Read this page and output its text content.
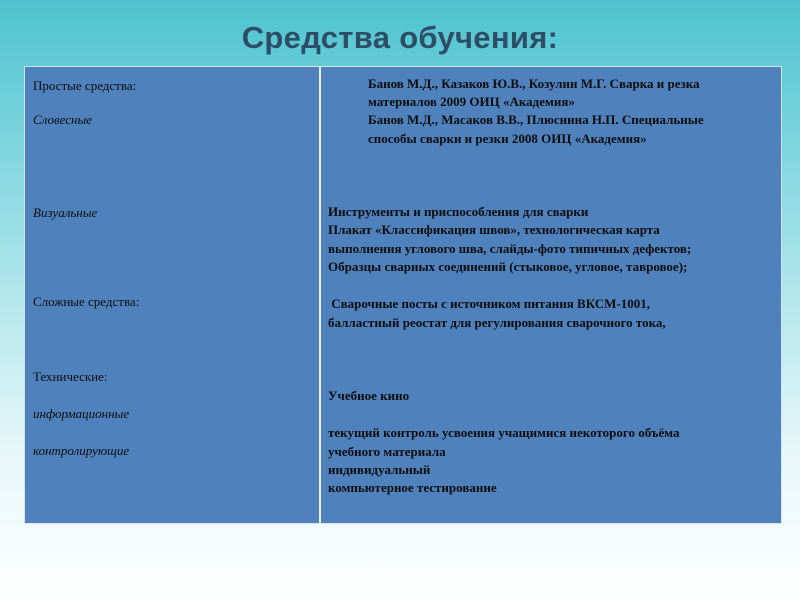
Средства обучения:
Простые средства:
Словесные
Визуальные
Сложные средства:
Технические:
информационные
контролирующие
Банов М.Д., Казаков Ю.В., Козулин М.Г. Сварка и резка
материалов 2009 ОИЦ «Академия»
Банов М.Д., Масаков В.В., Плюснина Н.П. Специальные
способы сварки и резки 2008 ОИЦ «Академия»
Инструменты и приспособления для сварки
Плакат «Классификация швов», технологическая карта
выполнения углового шва, слайды-фото типичных дефектов;
Образцы сварных соединений (стыковое, угловое, тавровое);
Сварочные посты с источником питания ВКСМ-1001,
балластный реостат для регулирования сварочного тока,
Учебное кино
текущий контроль усвоения учащимися некоторого объёма
учебного материала
индивидуальный
компьютерное тестирование
